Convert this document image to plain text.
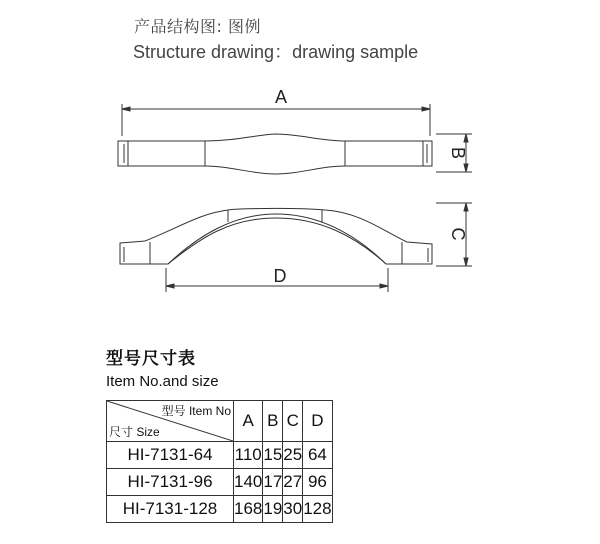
产品结构图: 图例
Structure drawing：drawing sample
A
B
C
D
型号尺寸表
Item No.and size
型号 Item No
尺寸 Size	A	B	C	D
HI-7131-64	110	15	25	64
HI-7131-96	140	17	27	96
HI-7131-128	168	19	30	128
